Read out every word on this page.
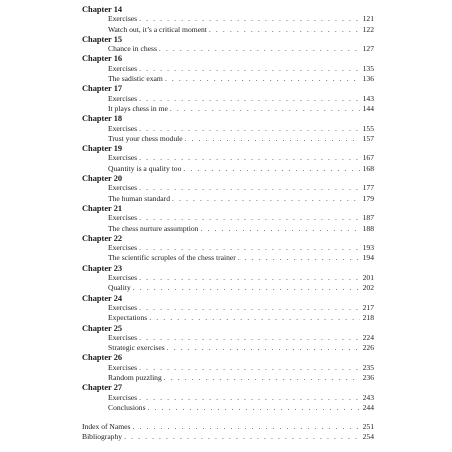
Chapter 14
Exercises . . .	121
Watch out, it’s a critical moment . . .	122
Chapter 15
Chance in chess . . .	127
Chapter 16
Exercises . . .	135
The sadistic exam . . .	136
Chapter 17
Exercises . . .	143
It plays chess in me . . .	144
Chapter 18
Exercises . . .	155
Trust your chess module . . .	157
Chapter 19
Exercises . . .	167
Quantity is a quality too . . .	168
Chapter 20
Exercises . . .	177
The human standard . . .	179
Chapter 21
Exercises . . .	187
The chess nurture assumption . . .	188
Chapter 22
Exercises . . .	193
The scientific scruples of the chess trainer . . .	194
Chapter 23
Exercises . . .	201
Quality . . .	202
Chapter 24
Exercises . . .	217
Expectations . . .	218
Chapter 25
Exercises . . .	224
Strategic exercises . . .	226
Chapter 26
Exercises . . .	235
Random puzzling . . .	236
Chapter 27
Exercises . . .	243
Conclusions . . .	244
Index of Names . . .	251
Bibliography . . .	254
